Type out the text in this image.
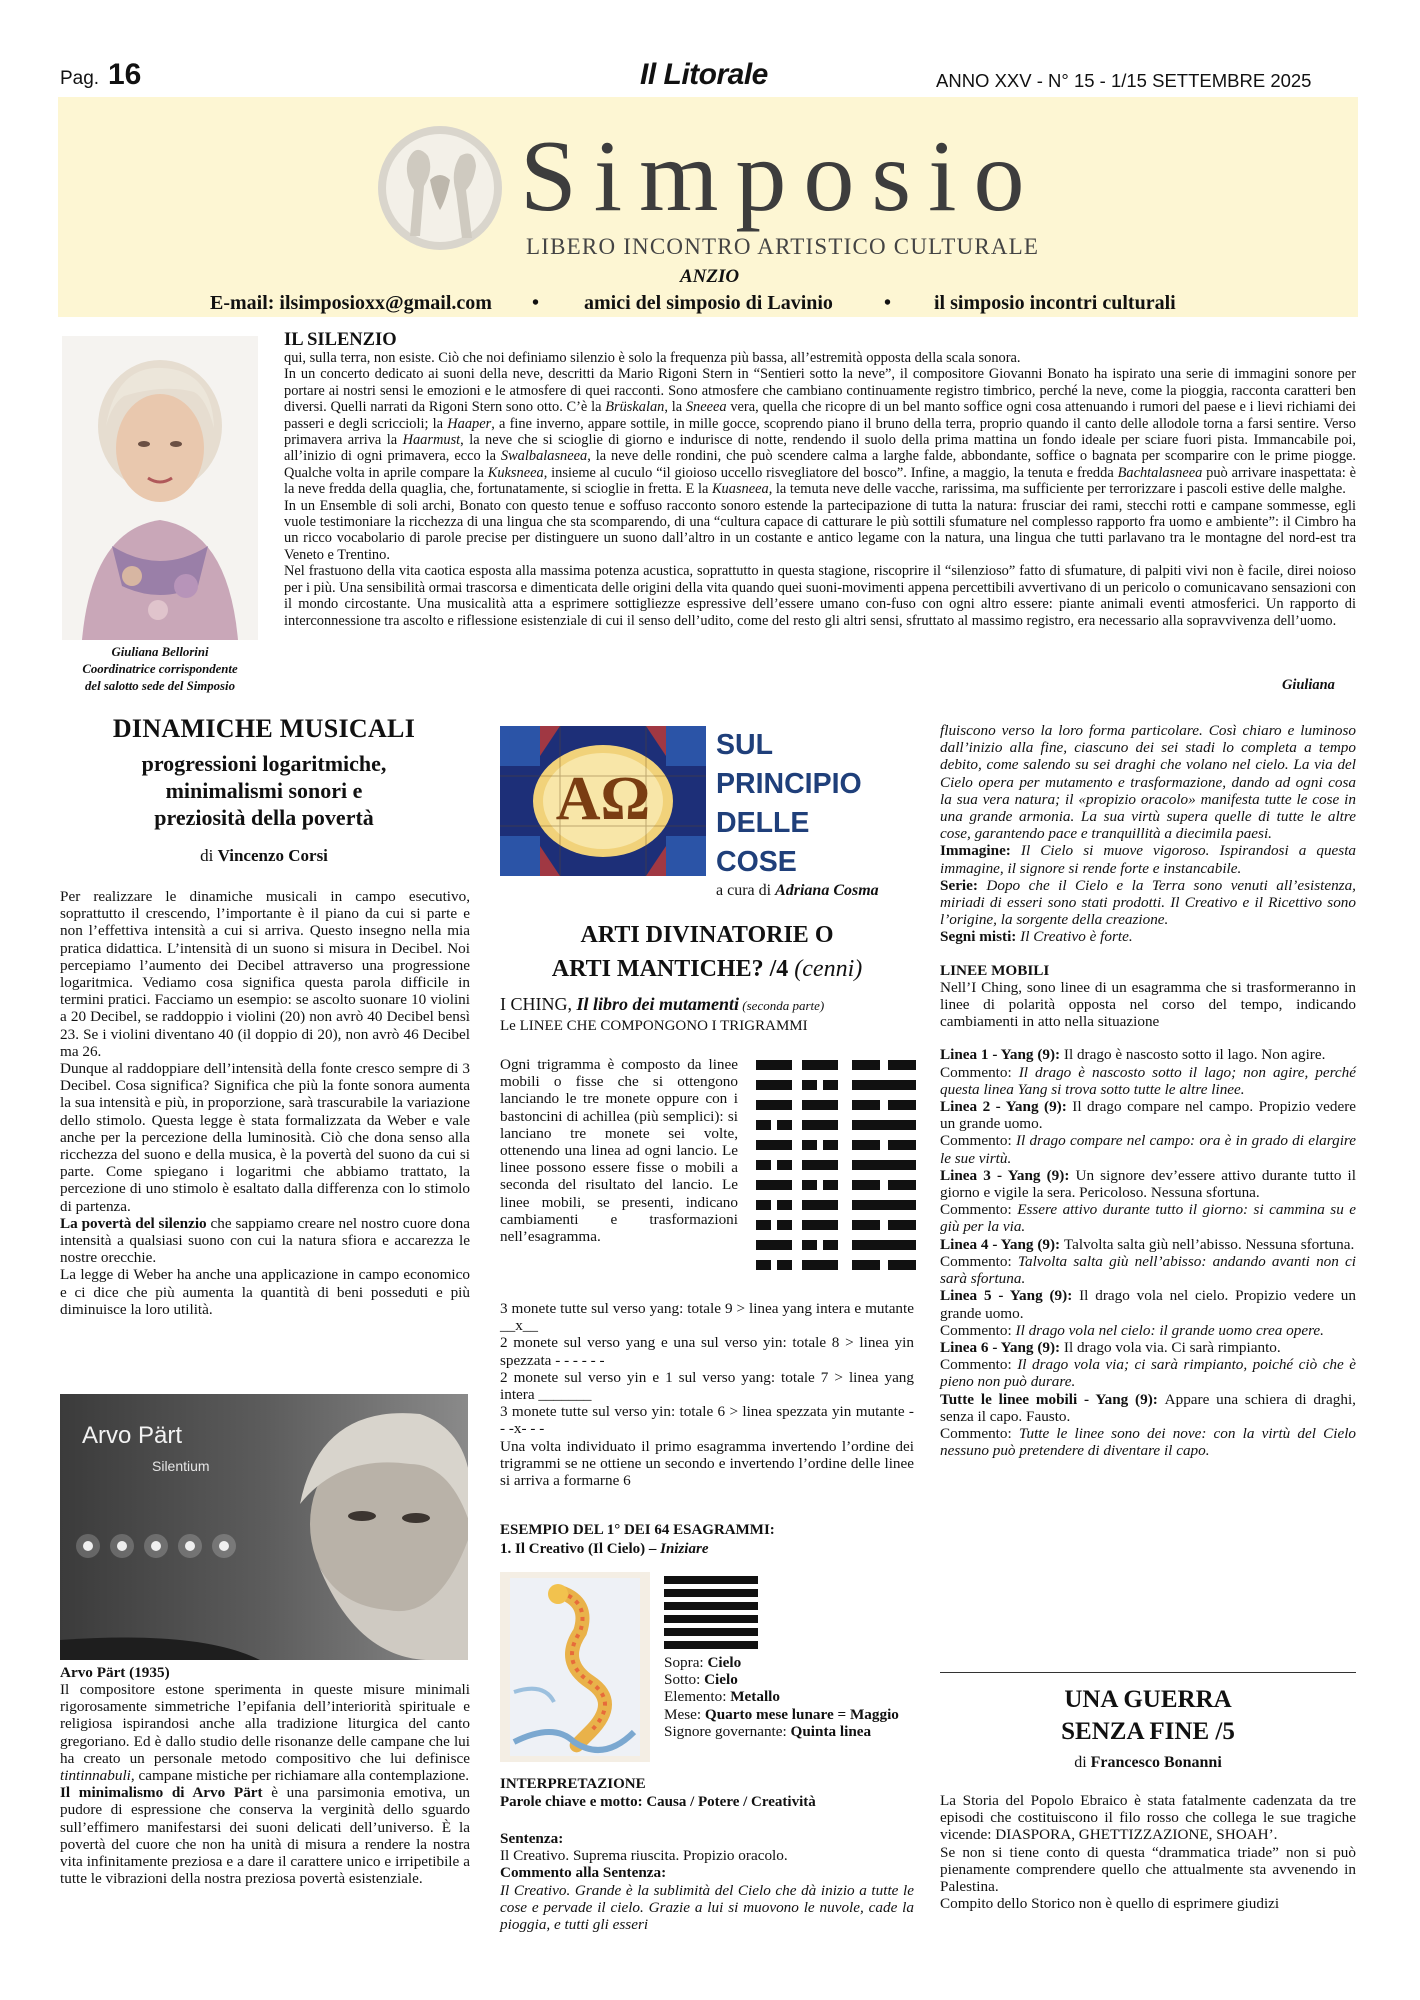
Pag. 16	Il Litorale	ANNO XXV - N° 15 - 1/15 SETTEMBRE 2025
Simposio
LIBERO INCONTRO ARTISTICO CULTURALE
ANZIO
E-mail: ilsimposioxx@gmail.com • amici del simposio di Lavinio	• il simposio incontri culturali
Giuliana Bellorini
Coordinatrice corrispondente
del salotto sede del Simposio
IL SILENZIO

qui, sulla terra, non esiste. Ciò che noi definiamo silenzio è solo la frequenza più bassa, all’estremità opposta della scala sonora.

In un concerto dedicato ai suoni della neve, descritti da Mario Rigoni Stern in “Sentieri sotto la neve”, il compositore Giovanni Bonato ha ispirato una serie di immagini sonore per portare ai nostri sensi le emozioni e le atmosfere di quei racconti. Sono atmosfere che cambiano continuamente registro timbrico, perché la neve, come la pioggia, racconta caratteri ben diversi. Quelli narrati da Rigoni Stern sono otto. C’è la Brüskalan, la Sneeea vera, quella che ricopre di un bel manto soffice ogni cosa attenuando i rumori del paese e i lievi richiami dei passeri e degli scriccioli; la Haaper, a fine inverno, appare sottile, in mille gocce, scoprendo piano il bruno della terra, proprio quando il canto delle allodole torna a farsi sentire. Verso primavera arriva la Haarmust, la neve che si scioglie di giorno e indurisce di notte, rendendo il suolo della prima mattina un fondo ideale per sciare fuori pista. Immancabile poi, all’inizio di ogni primavera, ecco la Swalbalasneea, la neve delle rondini, che può scendere calma a larghe falde, abbondante, soffice o bagnata per scomparire con le prime piogge. Qualche volta in aprile compare la Kuksneea, insieme al cuculo “il gioioso uccello risvegliatore del bosco”. Infine, a maggio, la tenuta e fredda Bachtalasneea può arrivare inaspettata: è la neve fredda della quaglia, che, fortunatamente, si scioglie in fretta. E la Kuasneea, la temuta neve delle vacche, rarissima, ma sufficiente per terrorizzare i pascoli estive delle malghe.

In un Ensemble di soli archi, Bonato con questo tenue e soffuso racconto sonoro estende la partecipazione di tutta la natura: frusciar dei rami, stecchi rotti e campane sommesse, egli vuole testimoniare la ricchezza di una lingua che sta scomparendo, di una “cultura capace di catturare le più sottili sfumature nel complesso rapporto fra uomo e ambiente”: il Cimbro ha un ricco vocabolario di parole precise per distinguere un suono dall’altro in un costante e antico legame con la natura, una lingua che tutti parlavano tra le montagne del nord-est tra Veneto e Trentino.

Nel frastuono della vita caotica esposta alla massima potenza acustica, soprattutto in questa stagione, riscoprire il “silenzioso” fatto di sfumature, di palpiti vivi non è facile, direi noioso per i più. Una sensibilità ormai trascorsa e dimenticata delle origini della vita quando quei suoni-movimenti appena percettibili avvertivano di un pericolo o comunicavano sensazioni con il mondo circostante. Una musicalità atta a esprimere sottigliezze espressive dell’essere umano con-fuso con ogni altro essere: piante animali eventi atmosferici. Un rapporto di interconnessione tra ascolto e riflessione esistenziale di cui il senso dell’udito, come del resto gli altri sensi, sfruttato al massimo registro, era necessario alla sopravvivenza dell’uomo.

Giuliana
DINAMICHE MUSICALI
progressioni logaritmiche,
minimalismi sonori e
preziosità della povertà
di Vincenzo Corsi

Per realizzare le dinamiche musicali in campo esecutivo, soprattutto il crescendo, l’importante è il piano da cui si parte e non l’effettiva intensità a cui si arriva. Questo insegno nella mia pratica didattica. L’intensità di un suono si misura in Decibel. Noi percepiamo l’aumento dei Decibel attraverso una progressione logaritmica. Vediamo cosa significa questa parola difficile in termini pratici. Facciamo un esempio: se ascolto suonare 10 violini a 20 Decibel, se raddoppio i violini (20) non avrò 40 Decibel bensì 23. Se i violini diventano 40 (il doppio di 20), non avrò 46 Decibel ma 26.

Dunque al raddoppiare dell’intensità della fonte cresco sempre di 3 Decibel. Cosa significa? Significa che più la fonte sonora aumenta la sua intensità e più, in proporzione, sarà trascurabile la variazione dello stimolo. Questa legge è stata formalizzata da Weber e vale anche per la percezione della luminosità. Ciò che dona senso alla ricchezza del suono e della musica, è la povertà del suono da cui si parte. Come spiegano i logaritmi che abbiamo trattato, la percezione di uno stimolo è esaltato dalla differenza con lo stimolo di partenza.

La povertà del silenzio che sappiamo creare nel nostro cuore dona intensità a qualsiasi suono con cui la natura sfiora e accarezza le nostre orecchie.

La legge di Weber ha anche una applicazione in campo economico e ci dice che più aumenta la quantità di beni posseduti e più diminuisce la loro utilità.

Arvo Pärt
Silentium
Arvo Pärt (1935)

Il compositore estone sperimenta in queste misure minimali rigorosamente simmetriche l’epifania dell’interiorità spirituale e religiosa ispirandosi anche alla tradizione liturgica del canto gregoriano. Ed è dallo studio delle risonanze delle campane che lui ha creato un personale metodo compositivo che lui definisce tintinnabuli, campane mistiche per richiamare alla contemplazione.

Il minimalismo di Arvo Pärt è una parsimonia emotiva, un pudore di espressione che conserva la verginità dello sguardo sull’effimero manifestarsi dei suoni delicati dell’universo. È la povertà del cuore che non ha unità di misura a rendere la nostra vita infinitamente preziosa e a dare il carattere unico e irripetibile a tutte le vibrazioni della nostra preziosa povertà esistenziale.

AΩ
SUL
PRINCIPIO
DELLE
COSE
a cura di Adriana Cosma
ARTI DIVINATORIE O
ARTI MANTICHE? /4 (cenni)
I CHING, Il libro dei mutamenti (seconda parte)
Le LINEE CHE COMPONGONO I TRIGRAMMI

Ogni trigramma è composto da linee mobili o fisse che si ottengono lanciando le tre monete oppure con i bastoncini di achillea (più semplici): si lanciano tre monete sei volte, ottenendo una linea ad ogni lancio. Le linee possono essere fisse o mobili a seconda del risultato del lancio. Le linee mobili, se presenti, indicano cambiamenti e trasformazioni nell’esagramma.

3 monete tutte sul verso yang: totale 9 > linea yang intera e mutante __x__

2 monete sul verso yang e una sul verso yin: totale 8 > linea yin spezzata - - - - - -

2 monete sul verso yin e 1 sul verso yang: totale 7 > linea yang intera _______

3 monete tutte sul verso yin: totale 6 > linea spezzata yin mutante - - -x- - -

Una volta individuato il primo esagramma invertendo l’ordine dei trigrammi se ne ottiene un secondo e invertendo l’ordine delle linee si arriva a formarne 6

ESEMPIO DEL 1° DEI 64 ESAGRAMMI:
1. Il Creativo (Il Cielo) – Iniziare

Sopra: Cielo

Sotto: Cielo

Elemento: Metallo

Mese: Quarto mese lunare = Maggio

Signore governante: Quinta linea

INTERPRETAZIONE
Parole chiave e motto: Causa / Potere / Creatività

Sentenza:

Il Creativo. Suprema riuscita. Propizio oracolo.

Commento alla Sentenza:

Il Creativo. Grande è la sublimità del Cielo che dà inizio a tutte le cose e pervade il cielo. Grazie a lui si muovono le nuvole, cade la pioggia, e tutti gli esseri

fluiscono verso la loro forma particolare. Così chiaro e luminoso dall’inizio alla fine, ciascuno dei sei stadi lo completa a tempo debito, come salendo su sei draghi che volano nel cielo. La via del Cielo opera per mutamento e trasformazione, dando ad ogni cosa la sua vera natura; il «propizio oracolo» manifesta tutte le cose in una grande armonia. La sua virtù supera quelle di tutte le altre cose, garantendo pace e tranquillità a diecimila paesi.

Immagine: Il Cielo si muove vigoroso. Ispirandosi a questa immagine, il signore si rende forte e instancabile.

Serie: Dopo che il Cielo e la Terra sono venuti all’esistenza, miriadi di esseri sono stati prodotti. Il Creativo e il Ricettivo sono l’origine, la sorgente della creazione.

Segni misti: Il Creativo è forte.

LINEE MOBILI

Nell’I Ching, sono linee di un esagramma che si trasformeranno in linee di polarità opposta nel corso del tempo, indicando cambiamenti in atto nella situazione

Linea 1 - Yang (9): Il drago è nascosto sotto il lago. Non agire.

Commento: Il drago è nascosto sotto il lago; non agire, perché questa linea Yang si trova sotto tutte le altre linee.

Linea 2 - Yang (9): Il drago compare nel campo. Propizio vedere un grande uomo.

Commento: Il drago compare nel campo: ora è in grado di elargire le sue virtù.

Linea 3 - Yang (9): Un signore dev’essere attivo durante tutto il giorno e vigile la sera. Pericoloso. Nessuna sfortuna.

Commento: Essere attivo durante tutto il giorno: si cammina su e giù per la via.

Linea 4 - Yang (9): Talvolta salta giù nell’abisso. Nessuna sfortuna.

Commento: Talvolta salta giù nell’abisso: andando avanti non ci sarà sfortuna.

Linea 5 - Yang (9): Il drago vola nel cielo. Propizio vedere un grande uomo.

Commento: Il drago vola nel cielo: il grande uomo crea opere.

Linea 6 - Yang (9): Il drago vola via. Ci sarà rimpianto.

Commento: Il drago vola via; ci sarà rimpianto, poiché ciò che è pieno non può durare.

Tutte le linee mobili - Yang (9): Appare una schiera di draghi, senza il capo. Fausto.

Commento: Tutte le linee sono dei nove: con la virtù del Cielo nessuno può pretendere di diventare il capo.

UNA GUERRA
SENZA FINE /5
di Francesco Bonanni

La Storia del Popolo Ebraico è stata fatalmente cadenzata da tre episodi che costituiscono il filo rosso che collega le sue tragiche vicende: DIASPORA, GHETTIZZAZIONE, SHOAH’.

Se non si tiene conto di questa “drammatica triade” non si può pienamente comprendere quello che attualmente sta avvenendo in Palestina.

Compito dello Storico non è quello di esprimere giudizi
